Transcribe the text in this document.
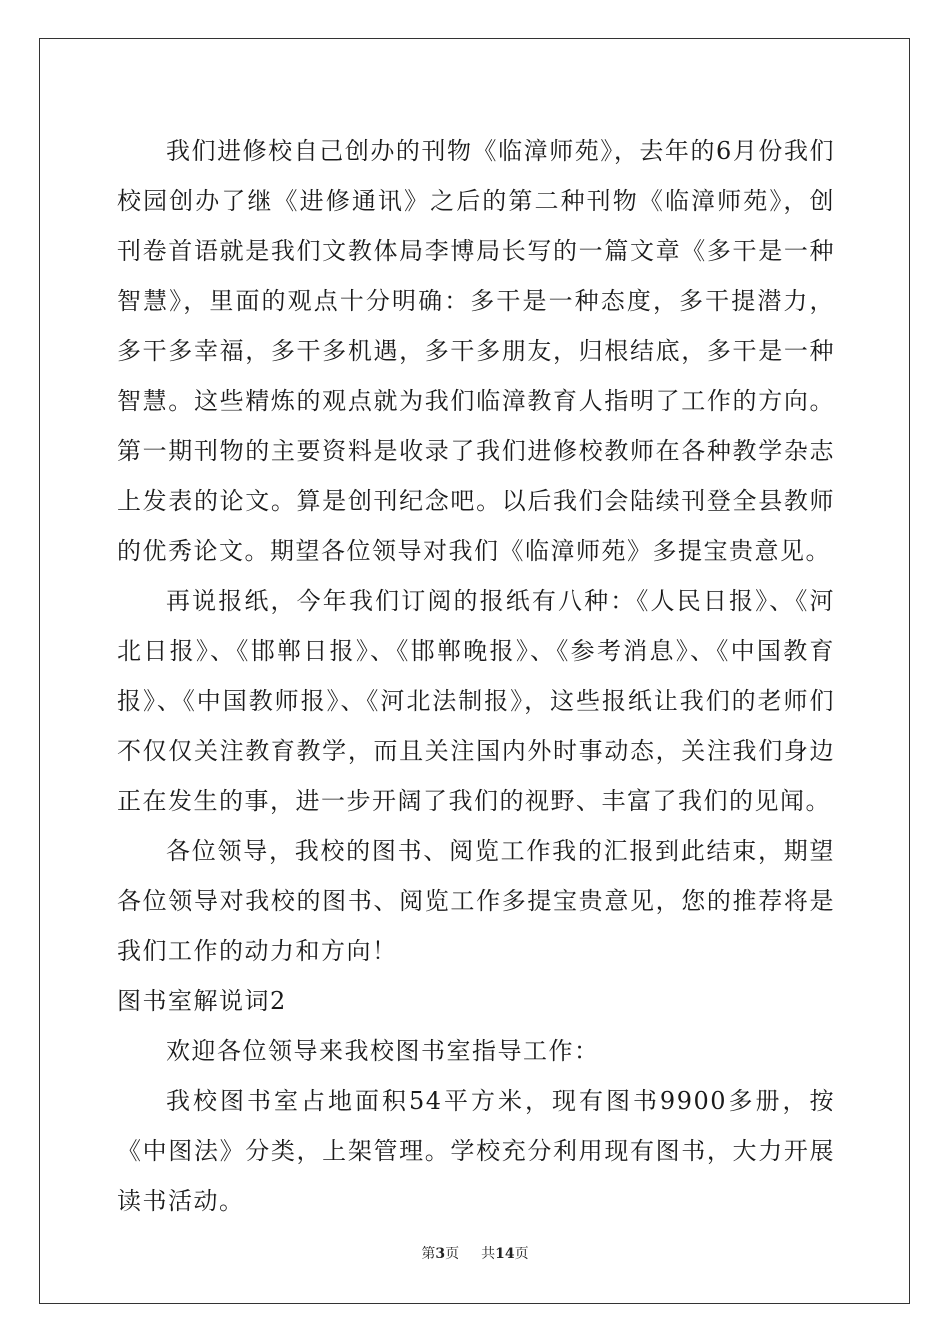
我们进修校自己创办的刊物《临漳师苑》，去年的6月份我们校园创办了继《进修通讯》之后的第二种刊物《临漳师苑》，创刊卷首语就是我们文教体局李博局长写的一篇文章《多干是一种智慧》，里面的观点十分明确：多干是一种态度，多干提潜力，多干多幸福，多干多机遇，多干多朋友，归根结底，多干是一种智慧。这些精炼的观点就为我们临漳教育人指明了工作的方向。第一期刊物的主要资料是收录了我们进修校教师在各种教学杂志上发表的论文。算是创刊纪念吧。以后我们会陆续刊登全县教师的优秀论文。期望各位领导对我们《临漳师苑》多提宝贵意见。

再说报纸，今年我们订阅的报纸有八种：《人民日报》、《河北日报》、《邯郸日报》、《邯郸晚报》、《参考消息》、《中国教育报》、《中国教师报》、《河北法制报》，这些报纸让我们的老师们不仅仅关注教育教学，而且关注国内外时事动态，关注我们身边正在发生的事，进一步开阔了我们的视野、丰富了我们的见闻。

各位领导，我校的图书、阅览工作我的汇报到此结束，期望各位领导对我校的图书、阅览工作多提宝贵意见，您的推荐将是我们工作的动力和方向！

图书室解说词2

欢迎各位领导来我校图书室指导工作：

我校图书室占地面积54平方米，现有图书9900多册，按《中图法》分类，上架管理。学校充分利用现有图书，大力开展读书活动。

第3页 共14页
